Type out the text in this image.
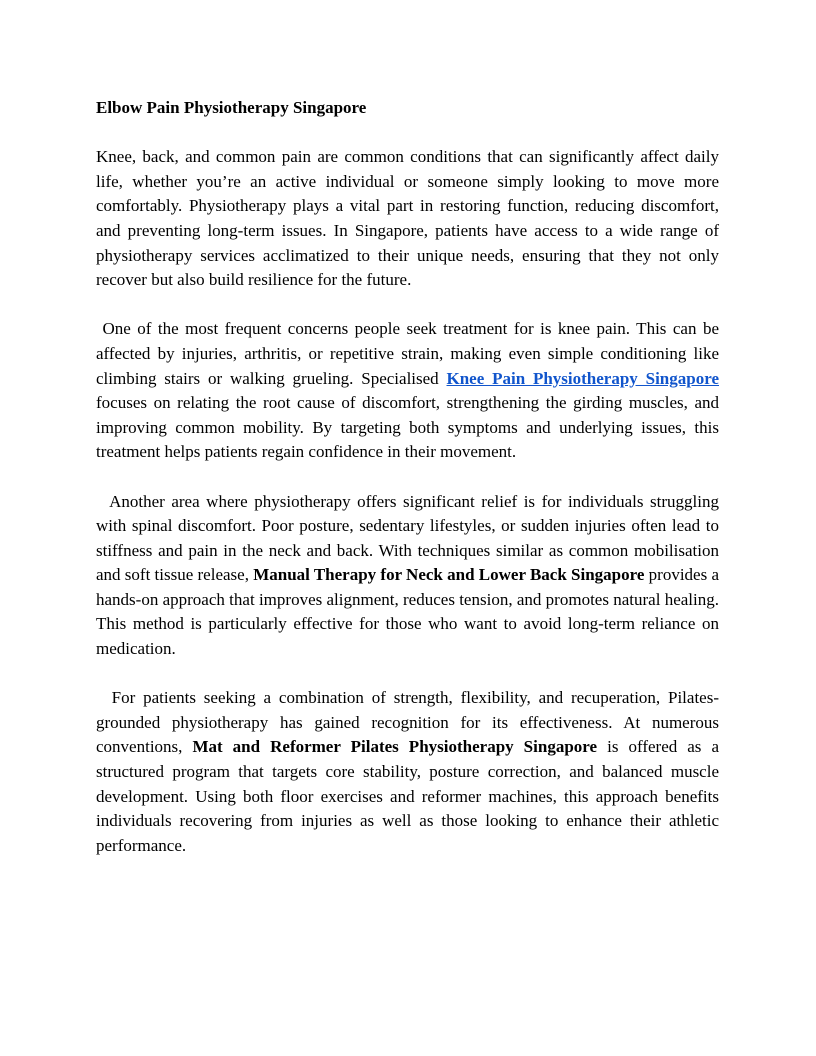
Elbow Pain Physiotherapy Singapore

Knee, back, and common pain are common conditions that can significantly affect daily life, whether you’re an active individual or someone simply looking to move more comfortably. Physiotherapy plays a vital part in restoring function, reducing discomfort, and preventing long-term issues. In Singapore, patients have access to a wide range of physiotherapy services acclimatized to their unique needs, ensuring that they not only recover but also build resilience for the future.

One of the most frequent concerns people seek treatment for is knee pain. This can be affected by injuries, arthritis, or repetitive strain, making even simple conditioning like climbing stairs or walking grueling. Specialised Knee Pain Physiotherapy Singapore focuses on relating the root cause of discomfort, strengthening the girding muscles, and improving common mobility. By targeting both symptoms and underlying issues, this treatment helps patients regain confidence in their movement.

Another area where physiotherapy offers significant relief is for individuals struggling with spinal discomfort. Poor posture, sedentary lifestyles, or sudden injuries often lead to stiffness and pain in the neck and back. With techniques similar as common mobilisation and soft tissue release, Manual Therapy for Neck and Lower Back Singapore provides a hands-on approach that improves alignment, reduces tension, and promotes natural healing. This method is particularly effective for those who want to avoid long-term reliance on medication.

For patients seeking a combination of strength, flexibility, and recuperation, Pilates- grounded physiotherapy has gained recognition for its effectiveness. At numerous conventions, Mat and Reformer Pilates Physiotherapy Singapore is offered as a structured program that targets core stability, posture correction, and balanced muscle development. Using both floor exercises and reformer machines, this approach benefits individuals recovering from injuries as well as those looking to enhance their athletic performance.
